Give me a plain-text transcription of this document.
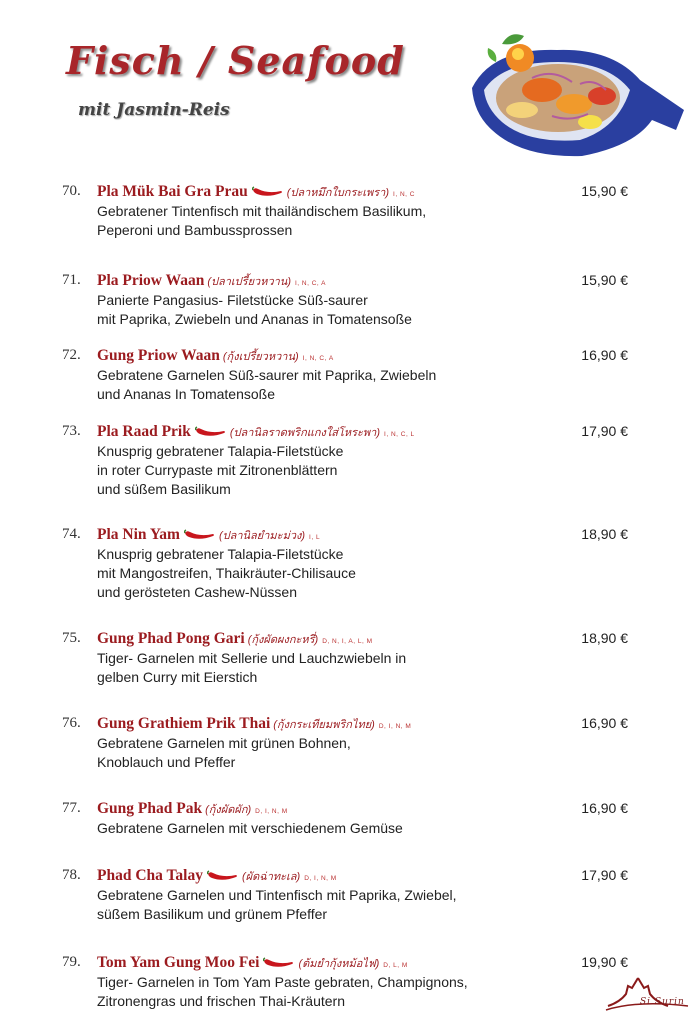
Fisch / Seafood
mit Jasmin-Reis
70. Pla Mük Bai Gra Prau	(ปลาหมึกใบกระเพรา) I, N, C	15,90 €
Gebratener Tintenfisch mit thailändischem Basilikum,
Peperoni und Bambussprossen
71. Pla Priow Waan (ปลาเปรี้ยวหวาน) I, N, C, A	15,90 €
Panierte Pangasius- Filetstücke Süß-saurer
mit Paprika, Zwiebeln und Ananas in Tomatensoße
72. Gung Priow Waan (กุ้งเปรี้ยวหวาน) I, N, C, A	16,90 €
Gebratene Garnelen Süß-saurer mit Paprika, Zwiebeln
und Ananas In Tomatensoße
73. Pla Raad Prik	(ปลานิลราดพริกแกงใส่โหระพา) I, N, C, L	17,90 €
Knusprig gebratener Talapia-Filetstücke
in roter Currypaste mit Zitronenblättern
und süßem Basilikum
74. Pla Nin Yam	(ปลานิลยำมะม่วง) I, L	18,90 €
Knusprig gebratener Talapia-Filetstücke
mit Mangostreifen, Thaikräuter-Chilisauce
und gerösteten Cashew-Nüssen
75. Gung Phad Pong Gari (กุ้งผัดผงกะหรี่) D, N, I, A, L, M	18,90 €
Tiger- Garnelen mit Sellerie und Lauchzwiebeln in
gelben Curry mit Eierstich
76. Gung Grathiem Prik Thai (กุ้งกระเทียมพริกไทย) D, I, N, M	16,90 €
Gebratene Garnelen mit grünen Bohnen,
Knoblauch und Pfeffer
77. Gung Phad Pak (กุ้งผัดผัก) D, I, N, M	16,90 €
Gebratene Garnelen mit verschiedenem Gemüse
78. Phad Cha Talay	(ผัดฉ่าทะเล) D, I, N, M	17,90 €
Gebratene Garnelen und Tintenfisch mit Paprika, Zwiebel,
süßem Basilikum und grünem Pfeffer
79. Tom Yam Gung Moo Fei	(ต้มยำกุ้งหม้อไฟ) D, L, M	19,90 €
Tiger- Garnelen in Tom Yam Paste gebraten, Champignons,
Zitronengras und frischen Thai-Kräutern	Si Surin
